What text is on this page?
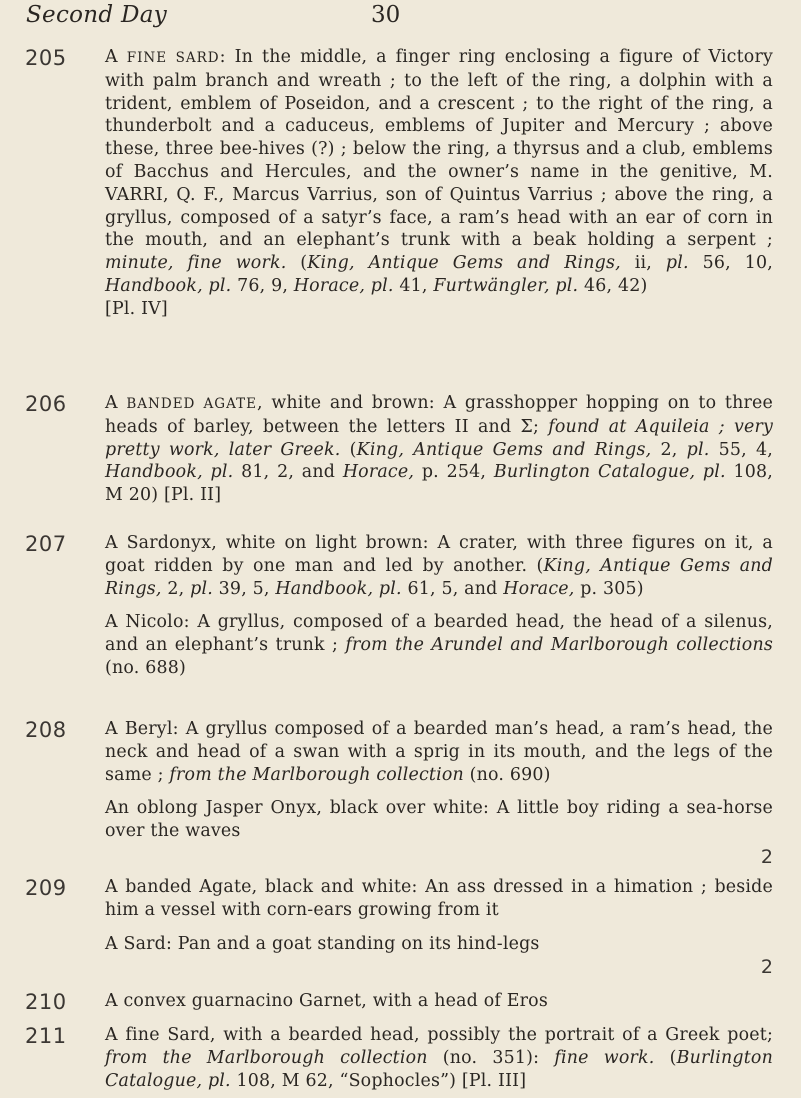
Second Day	30
205 A FINE SARD: In the middle, a finger ring enclosing a figure of Victory with palm branch and wreath ; to the left of the ring, a dolphin with a trident, emblem of Poseidon, and a crescent ; to the right of the ring, a thunderbolt and a caduceus, emblems of Jupiter and Mercury ; above these, three bee-hives (?) ; below the ring, a thyrsus and a club, emblems of Bacchus and Hercules, and the owner’s name in the genitive, M. VARRI, Q. F., Marcus Varrius, son of Quintus Varrius ; above the ring, a gryllus, composed of a satyr’s face, a ram’s head with an ear of corn in the mouth, and an elephant’s trunk with a beak holding a serpent ; minute, fine work. (King, Antique Gems and Rings, ii, pl. 56, 10, Handbook, pl. 76, 9, Horace, pl. 41, Furtwängler, pl. 46, 42)
[Pl. IV]

206 A BANDED AGATE, white and brown: A grasshopper hopping on to three heads of barley, between the letters II and Σ; found at Aquileia ; very pretty work, later Greek. (King, Antique Gems and Rings, 2, pl. 55, 4, Handbook, pl. 81, 2, and Horace, p. 254, Burlington Catalogue, pl. 108, M 20) [Pl. II]

207 A Sardonyx, white on light brown: A crater, with three figures on it, a goat ridden by one man and led by another. (King, Antique Gems and Rings, 2, pl. 39, 5, Handbook, pl. 61, 5, and Horace, p. 305)

A Nicolo: A gryllus, composed of a bearded head, the head of a silenus, and an elephant’s trunk ; from the Arundel and Marlborough collections (no. 688)

208 A Beryl: A gryllus composed of a bearded man’s head, a ram’s head, the neck and head of a swan with a sprig in its mouth, and the legs of the same ; from the Marlborough collection (no. 690)

An oblong Jasper Onyx, black over white: A little boy riding a sea-horse over the waves

2
209 A banded Agate, black and white: An ass dressed in a himation ; beside him a vessel with corn-ears growing from it

A Sard: Pan and a goat standing on its hind-legs

2
210 A convex guarnacino Garnet, with a head of Eros

211 A fine Sard, with a bearded head, possibly the portrait of a Greek poet; from the Marlborough collection (no. 351): fine work. (Burlington Catalogue, pl. 108, M 62, “Sophocles”) [Pl. III]
